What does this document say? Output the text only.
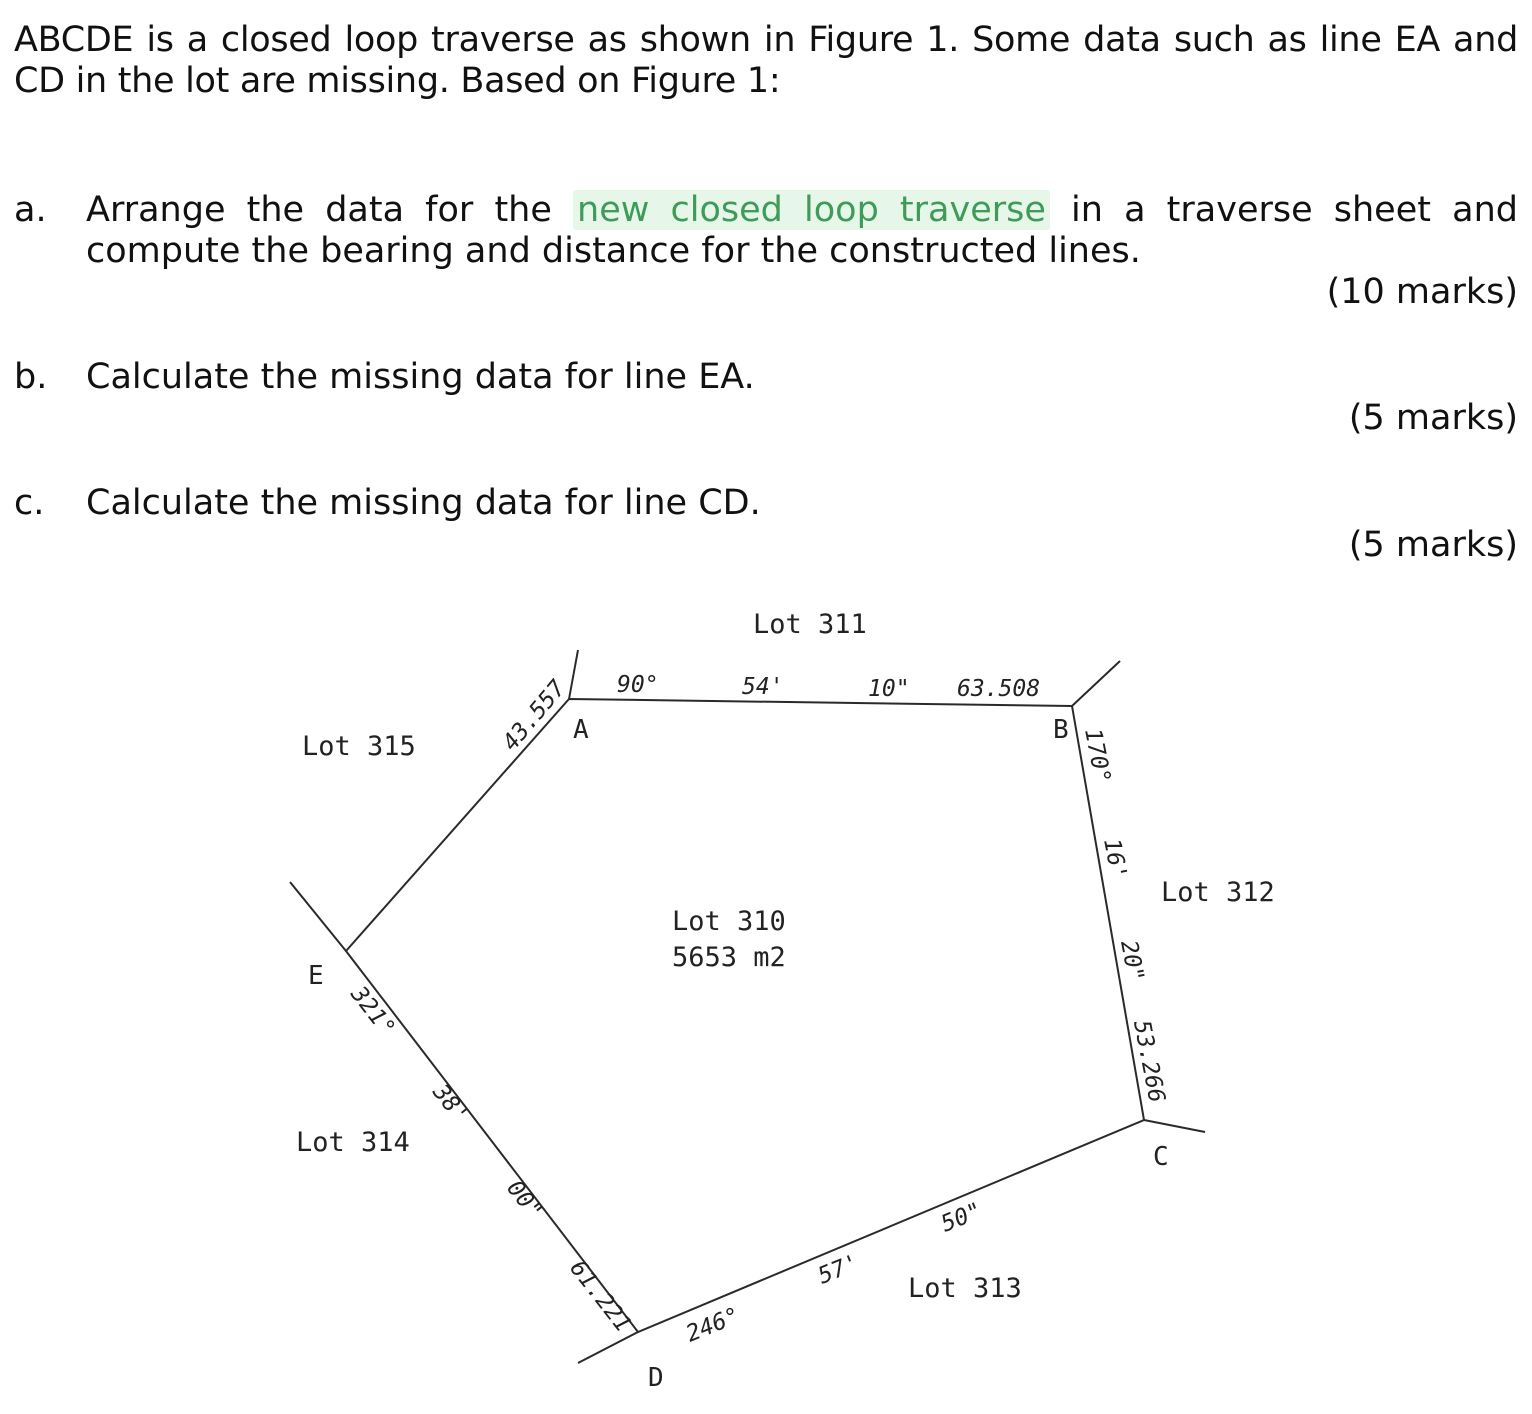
ABCDE is a closed loop traverse as shown in Figure 1. Some data such as line EA and CD in the lot are missing. Based on Figure 1:
a. Arrange the data for the new closed loop traverse in a traverse sheet and compute the bearing and distance for the constructed lines.
(10 marks)
b. Calculate the missing data for line EA.
(5 marks)
c. Calculate the missing data for line CD.
(5 marks)
A	B
C
D
E
Lot 311
Lot 315
Lot 312
Lot 310
5653 m2
Lot 314
Lot 313
90°	54'	10" 63.508
170°
16'
20"
53.266
246°
57'
50"
321°
38'
00"
61.221
43.557
